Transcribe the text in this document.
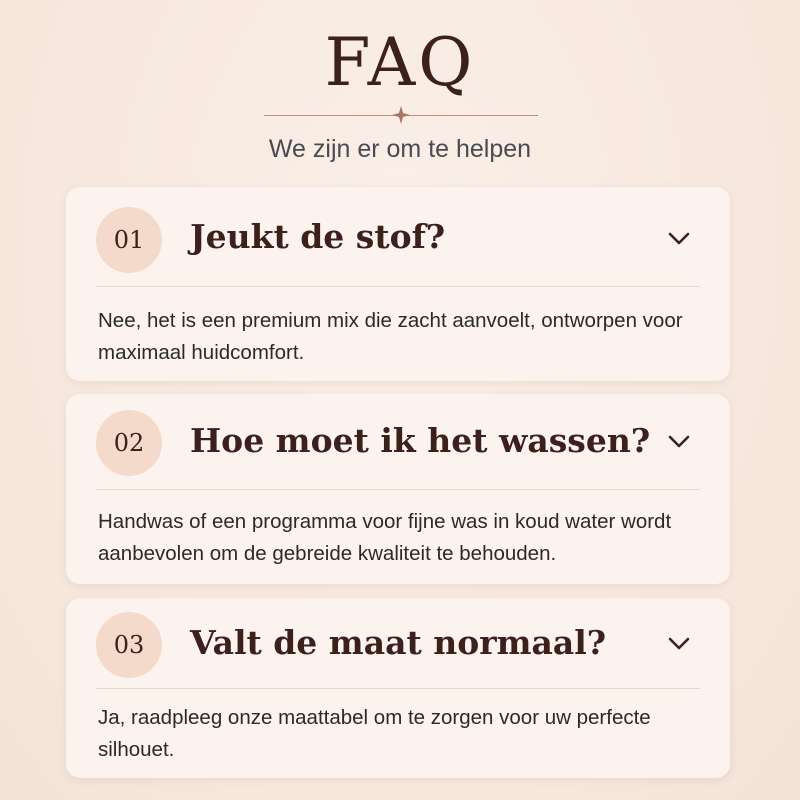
FAQ
We zijn er om te helpen
01	Jeukt de stof?
Nee, het is een premium mix die zacht aanvoelt, ontworpen voor maximaal huidcomfort.
02	Hoe moet ik het wassen?
Handwas of een programma voor fijne was in koud water wordt aanbevolen om de gebreide kwaliteit te behouden.
03	Valt de maat normaal?
Ja, raadpleeg onze maattabel om te zorgen voor uw perfecte silhouet.
